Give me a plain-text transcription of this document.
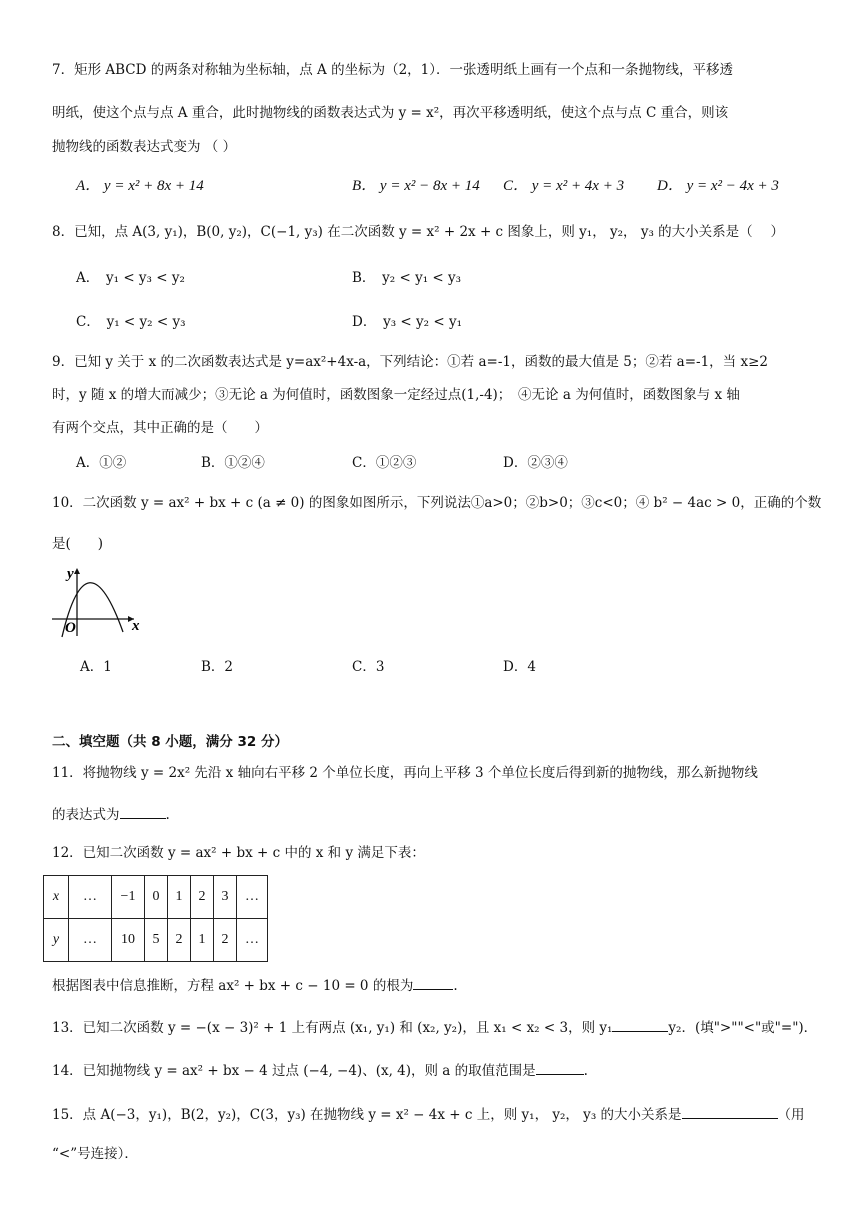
7．矩形 ABCD 的两条对称轴为坐标轴，点 A 的坐标为（2，1）．一张透明纸上画有一个点和一条抛物线，平移透
明纸，使这个点与点 A 重合，此时抛物线的函数表达式为 y = x²，再次平移透明纸，使这个点与点 C 重合，则该
抛物线的函数表达式变为 （ ）
A． y = x² + 8x + 14	B． y = x² − 8x + 14 C． y = x² + 4x + 3 D． y = x² − 4x + 3
8．已知，点 A(3, y₁)，B(0, y₂)，C(−1, y₃) 在二次函数 y = x² + 2x + c 图象上，则 y₁， y₂， y₃ 的大小关系是（　 ）
A．　y₁ < y₃ < y₂	B．　y₂ < y₁ < y₃
C．　y₁ < y₂ < y₃	D．　y₃ < y₂ < y₁
9．已知 y 关于 x 的二次函数表达式是 y=ax²+4x-a，下列结论：①若 a=-1，函数的最大值是 5；②若 a=-1，当 x≥2
时，y 随 x 的增大而减少；③无论 a 为何值时，函数图象一定经过点(1,-4)；　④无论 a 为何值时，函数图象与 x 轴
有两个交点，其中正确的是（　　）
A．①②	B．①②④	C．①②③	D．②③④
10．二次函数 y = ax² + bx + c (a ≠ 0) 的图象如图所示，下列说法①a>0；②b>0；③c<0；④ b² − 4ac > 0，正确的个数
是(　　)
y
x
O
A．1	B．2	C．3	D．4
二、填空题（共 8 小题，满分 32 分）
11．将抛物线 y = 2x² 先沿 x 轴向右平移 2 个单位长度，再向上平移 3 个单位长度后得到新的抛物线，那么新抛物线
的表达式为	.
12．已知二次函数 y = ax² + bx + c 中的 x 和 y 满足下表：
x	…	−1	0	1	2	3	…
y	…	10	5	2	1	2	…
根据图表中信息推断，方程 ax² + bx + c − 10 = 0 的根为	.
13．已知二次函数 y = −(x − 3)² + 1 上有两点 (x₁, y₁) 和 (x₂, y₂)，且 x₁ < x₂ < 3，则 y₁	y₂．(填">""<"或"=")．
14．已知抛物线 y = ax² + bx − 4 过点 (−4, −4)、(x, 4)，则 a 的取值范围是	.
15．点 A(−3，y₁)，B(2，y₂)，C(3，y₃) 在抛物线 y = x² − 4x + c 上，则 y₁， y₂， y₃ 的大小关系是	（用
“<”号连接）．
